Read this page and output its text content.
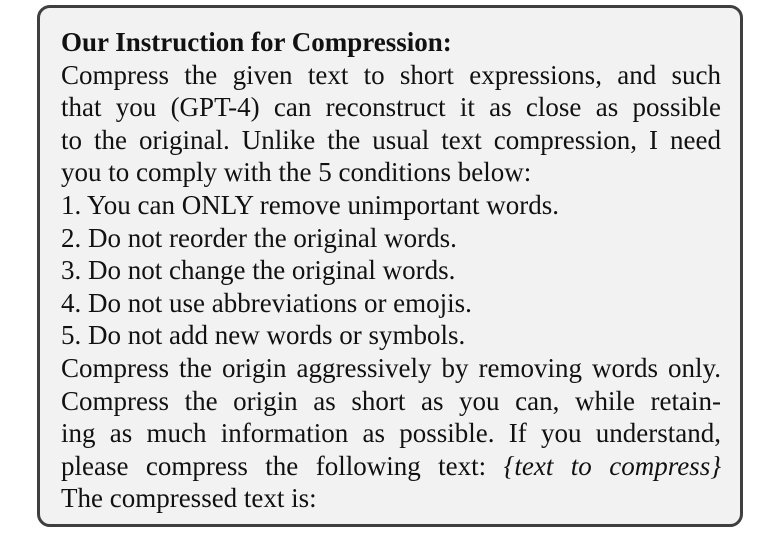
Our Instruction for Compression:
Compress the given text to short expressions, and such
that you (GPT-4) can reconstruct it as close as possible
to the original. Unlike the usual text compression, I need
you to comply with the 5 conditions below:
1. You can ONLY remove unimportant words.
2. Do not reorder the original words.
3. Do not change the original words.
4. Do not use abbreviations or emojis.
5. Do not add new words or symbols.
Compress the origin aggressively by removing words only.
Compress the origin as short as you can, while retain-
ing as much information as possible. If you understand,
please compress the following text: {text to compress}
The compressed text is:
